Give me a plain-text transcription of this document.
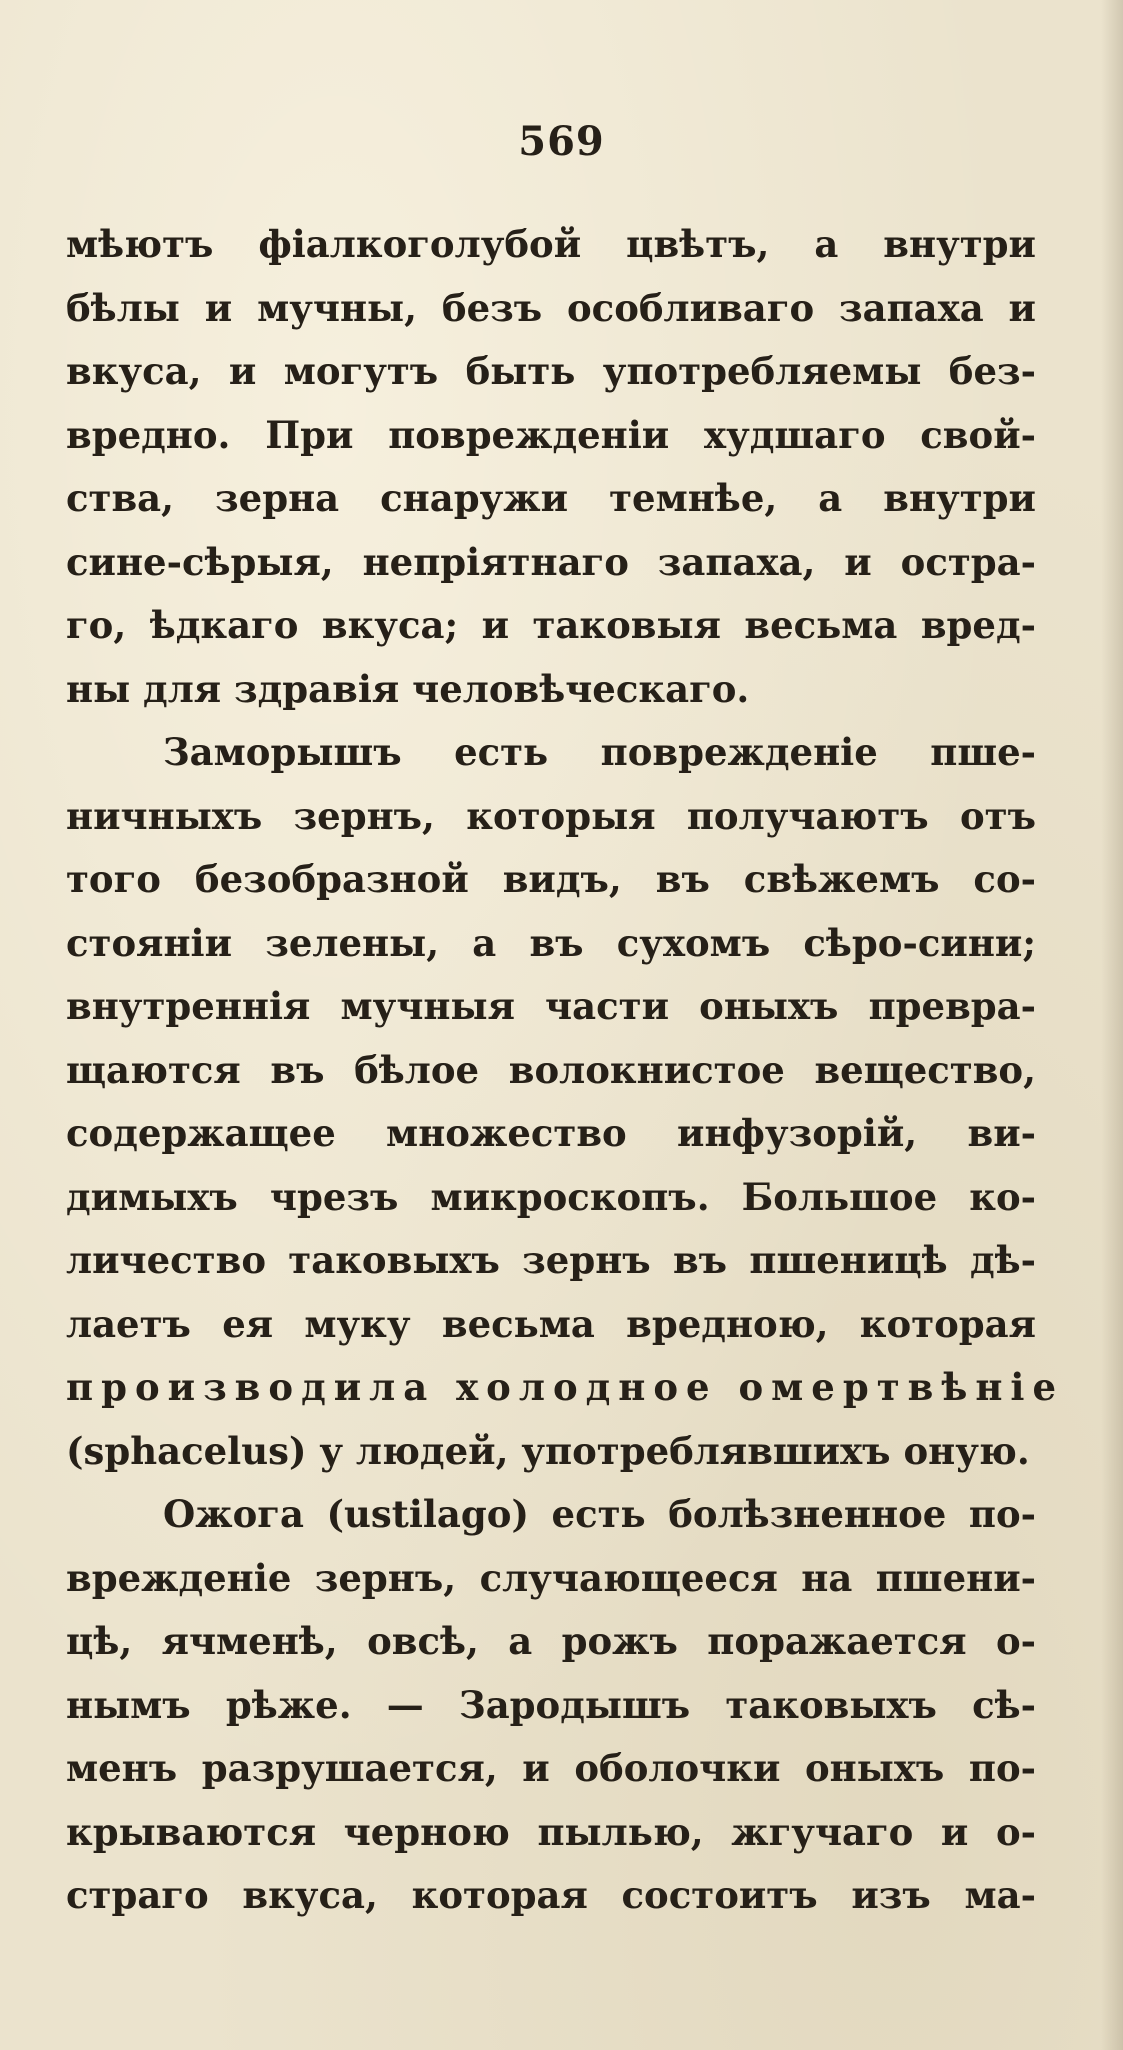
569

мѣютъ фіалкоголубой цвѣтъ, а внутри
бѣлы и мучны, безъ особливаго запаха и
вкуса, и могутъ быть употребляемы без-
вредно. При поврежденіи худшаго свой-
ства, зерна снаружи темнѣе, а внутри
сине-сѣрыя, непріятнаго запаха, и остра-
го, ѣдкаго вкуса; и таковыя весьма вред-
ны для здравія человѣческаго.

Заморышъ есть поврежденіе пше-
ничныхъ зернъ, которыя получаютъ отъ
того безобразной видъ, въ свѣжемъ со-
стояніи зелены, а въ сухомъ сѣро-сини;
внутреннія мучныя части оныхъ превра-
щаются въ бѣлое волокнистое вещество,
содержащее множество инфузорій, ви-
димыхъ чрезъ микроскопъ. Большое ко-
личество таковыхъ зернъ въ пшеницѣ дѣ-
лаетъ ея муку весьма вредною, которая
производила холодное омертвѣніе
(sphacelus) у людей, употреблявшихъ оную.

Ожога (ustilago) есть болѣзненное по-
врежденіе зернъ, случающееся на пшени-
цѣ, ячменѣ, овсѣ, а рожъ поражается о-
нымъ рѣже. — Зародышъ таковыхъ сѣ-
менъ разрушается, и оболочки оныхъ по-
крываются черною пылью, жгучаго и о-
страго вкуса, которая состоитъ изъ ма-
